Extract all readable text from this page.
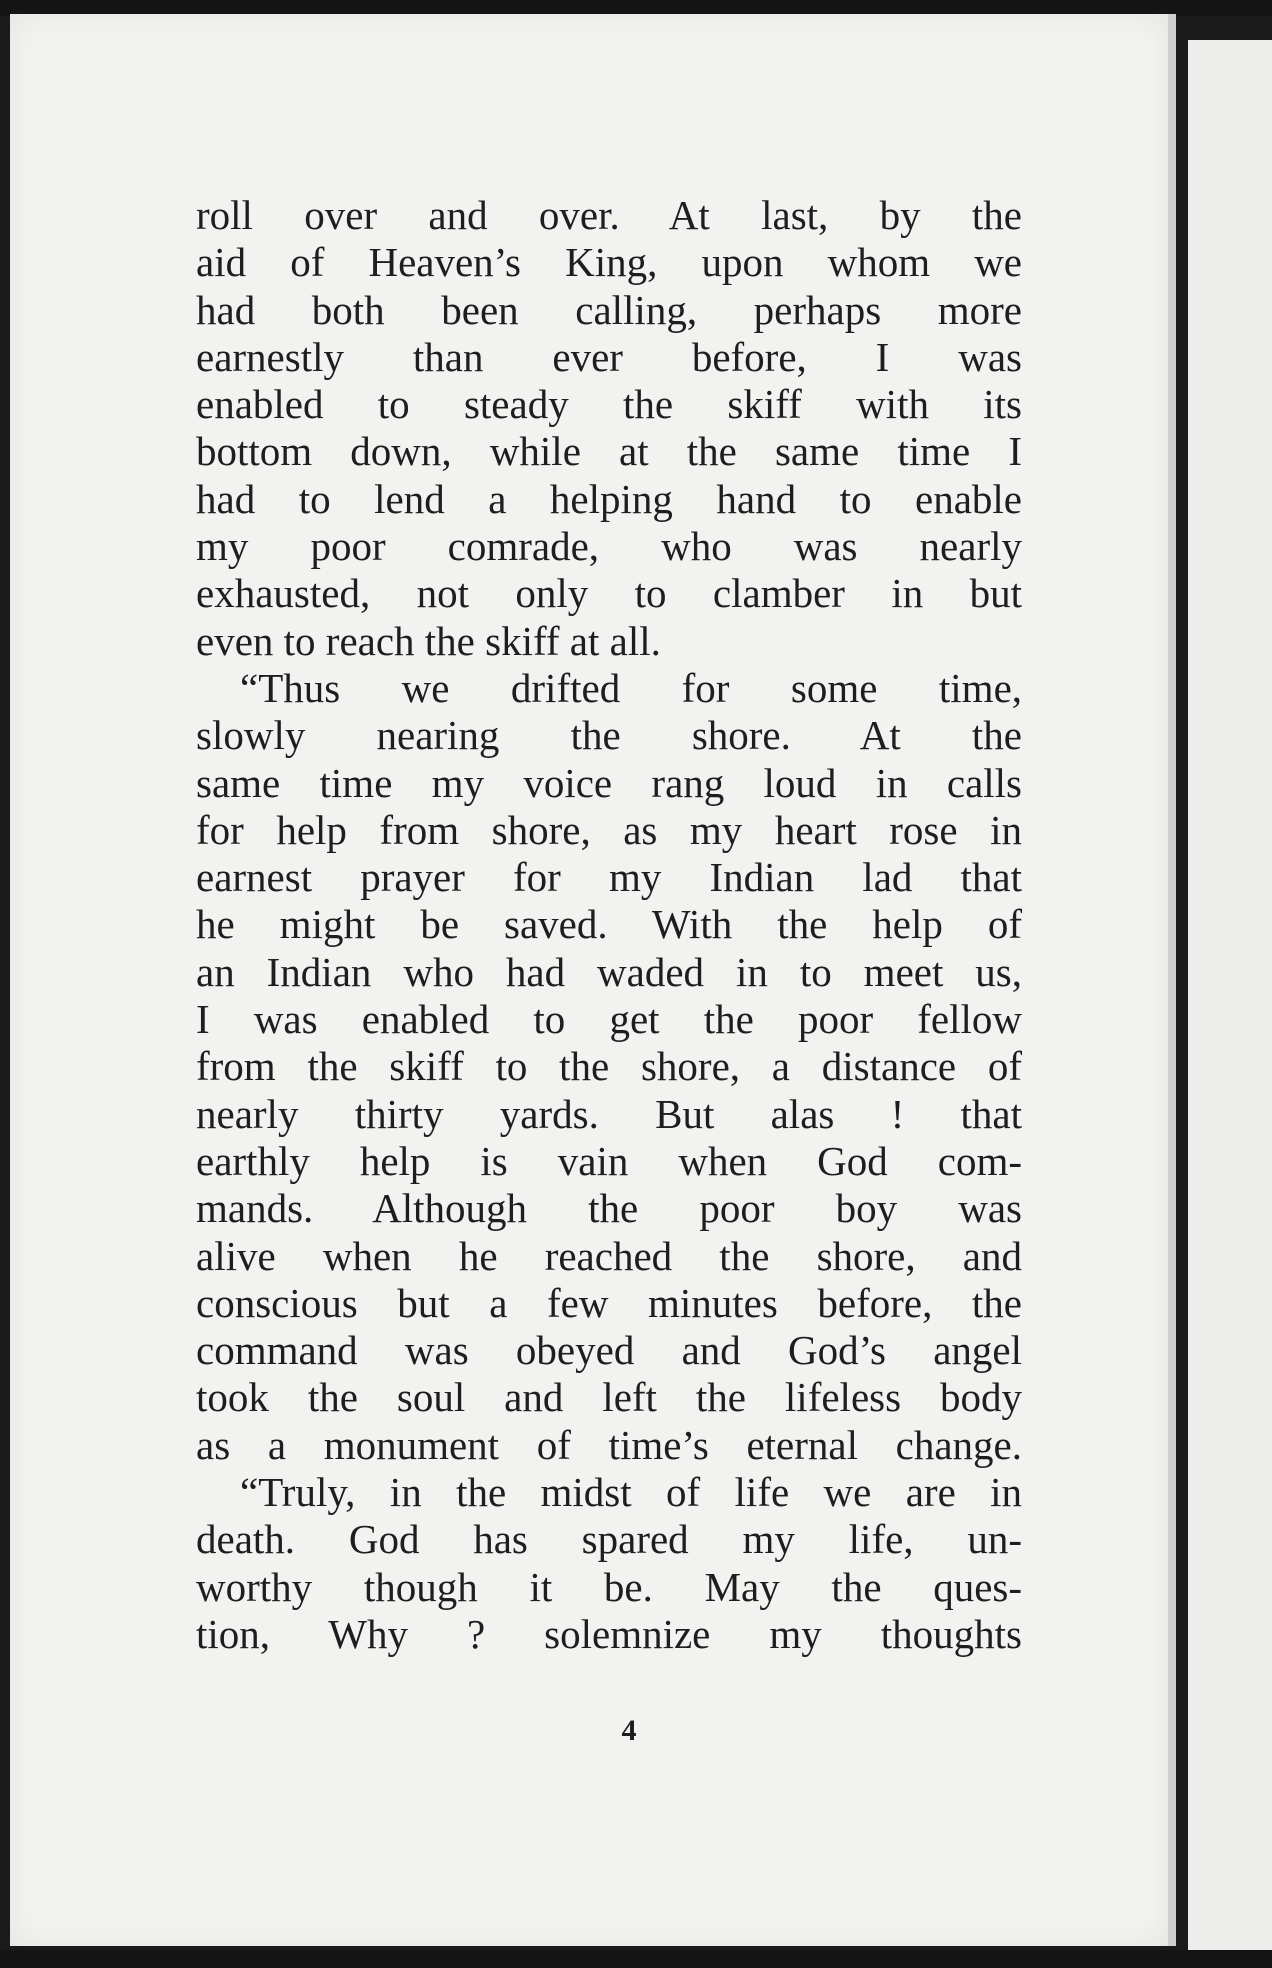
4
roll over and over. At last, by the
aid of Heaven’s King, upon whom we
had both been calling, perhaps more
earnestly than ever before, I was
enabled to steady the skiff with its
bottom down, while at the same time I
had to lend a helping hand to enable
my poor comrade, who was nearly
exhausted, not only to clamber in but
even to reach the skiff at all.
“Thus we drifted for some time,
slowly nearing the shore. At the
same time my voice rang loud in calls
for help from shore, as my heart rose in
earnest prayer for my Indian lad that
he might be saved. With the help of
an Indian who had waded in to meet us,
I was enabled to get the poor fellow
from the skiff to the shore, a distance of
nearly thirty yards. But alas ! that
earthly help is vain when God com-
mands. Although the poor boy was
alive when he reached the shore, and
conscious but a few minutes before, the
command was obeyed and God’s angel
took the soul and left the lifeless body
as a monument of time’s eternal change.
“Truly, in the midst of life we are in
death. God has spared my life, un-
worthy though it be. May the ques-
tion, Why ? solemnize my thoughts
